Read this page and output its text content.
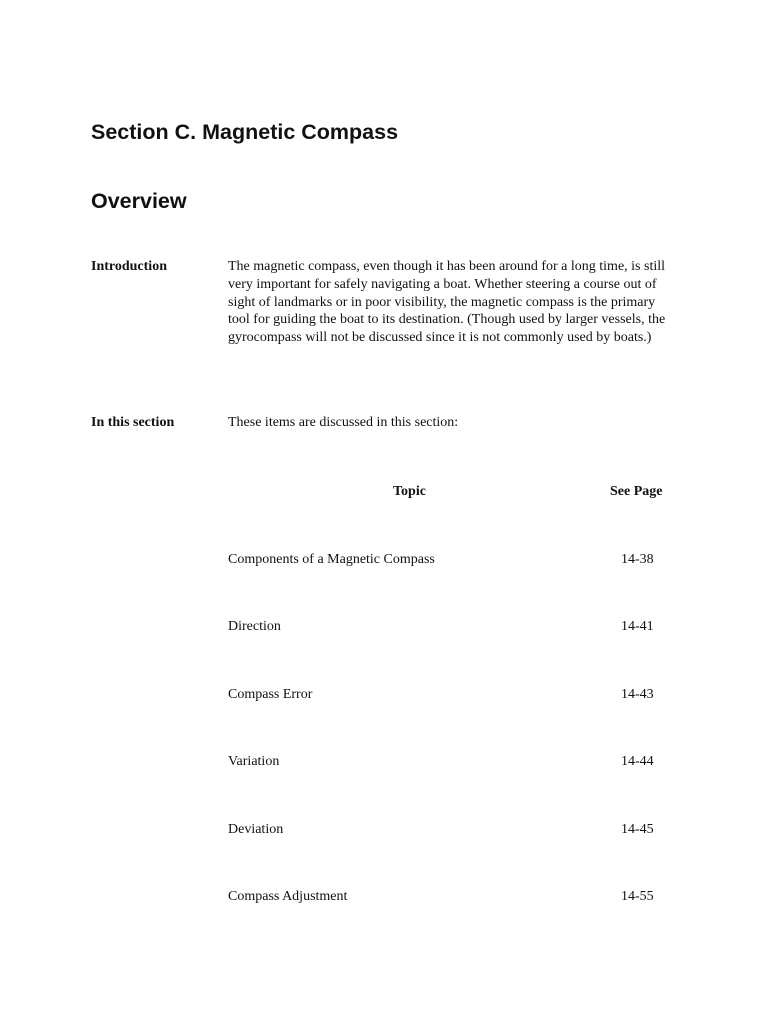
Section C. Magnetic Compass
Overview
Introduction	The magnetic compass, even though it has been around for a long time, is still very important for safely navigating a boat. Whether steering a course out of sight of landmarks or in poor visibility, the magnetic compass is the primary tool for guiding the boat to its destination. (Though used by larger vessels, the gyrocompass will not be discussed since it is not commonly used by boats.)

In this section	These items are discussed in this section:

Topic	See Page
Components of a Magnetic Compass	14-38
Direction	14-41
Compass Error	14-43
Variation	14-44
Deviation	14-45
Compass Adjustment	14-55
